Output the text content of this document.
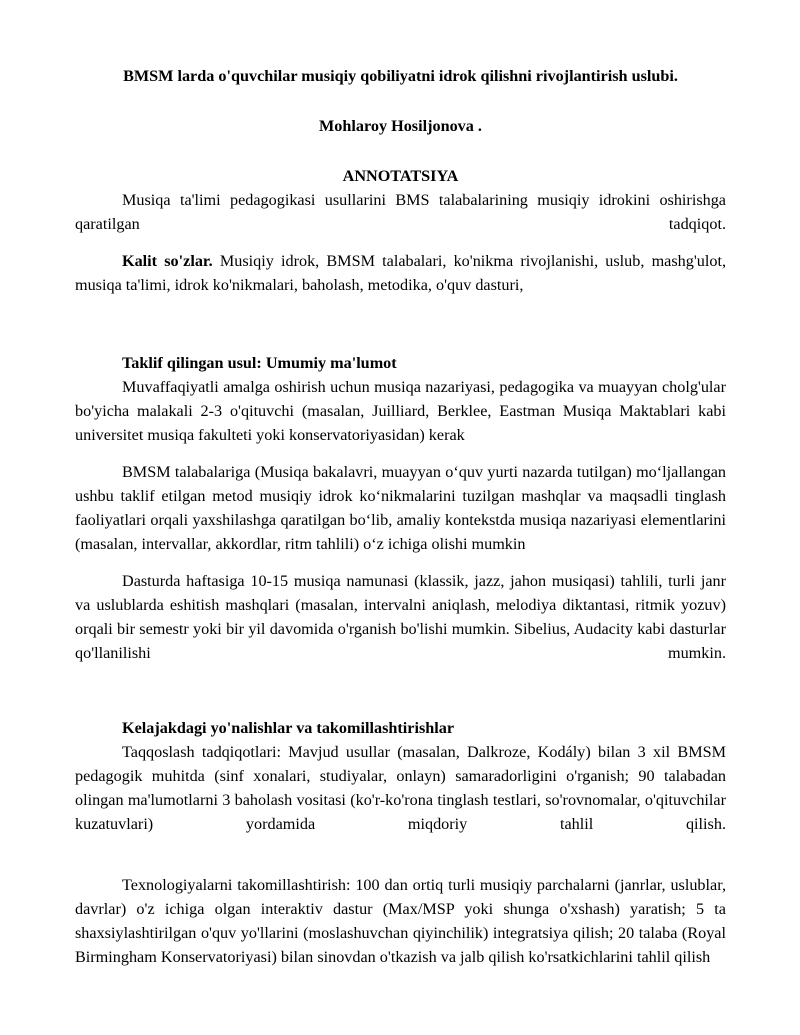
BMSM larda o'quvchilar musiqiy qobiliyatni idrok qilishni rivojlantirish uslubi.

Mohlaroy Hosiljonova .

ANNOTATSIYA

Musiqa ta'limi pedagogikasi usullarini BMS talabalarining musiqiy idrokini oshirishga qaratilgan tadqiqot.

Kalit so'zlar. Musiqiy idrok, BMSM talabalari, ko'nikma rivojlanishi, uslub, mashg'ulot, musiqa ta'limi, idrok ko'nikmalari, baholash, metodika, o'quv dasturi,

Taklif qilingan usul: Umumiy ma'lumot

Muvaffaqiyatli amalga oshirish uchun musiqa nazariyasi, pedagogika va muayyan cholg'ular bo'yicha malakali 2-3 o'qituvchi (masalan, Juilliard, Berklee, Eastman Musiqa Maktablari kabi universitet musiqa fakulteti yoki konservatoriyasidan) kerak

BMSM talabalariga (Musiqa bakalavri, muayyan o‘quv yurti nazarda tutilgan) mo‘ljallangan ushbu taklif etilgan metod musiqiy idrok ko‘nikmalarini tuzilgan mashqlar va maqsadli tinglash faoliyatlari orqali yaxshilashga qaratilgan bo‘lib, amaliy kontekstda musiqa nazariyasi elementlarini (masalan, intervallar, akkordlar, ritm tahlili) o‘z ichiga olishi mumkin

Dasturda haftasiga 10-15 musiqa namunasi (klassik, jazz, jahon musiqasi) tahlili, turli janr va uslublarda eshitish mashqlari (masalan, intervalni aniqlash, melodiya diktantasi, ritmik yozuv) orqali bir semestr yoki bir yil davomida o'rganish bo'lishi mumkin. Sibelius, Audacity kabi dasturlar qo'llanilishi mumkin.

Kelajakdagi yo'nalishlar va takomillashtirishlar

Taqqoslash tadqiqotlari: Mavjud usullar (masalan, Dalkroze, Kodály) bilan 3 xil BMSM pedagogik muhitda (sinf xonalari, studiyalar, onlayn) samaradorligini o'rganish; 90 talabadan olingan ma'lumotlarni 3 baholash vositasi (ko'r-ko'rona tinglash testlari, so'rovnomalar, o'qituvchilar kuzatuvlari) yordamida miqdoriy tahlil qilish.

Texnologiyalarni takomillashtirish: 100 dan ortiq turli musiqiy parchalarni (janrlar, uslublar, davrlar) o'z ichiga olgan interaktiv dastur (Max/MSP yoki shunga o'xshash) yaratish; 5 ta shaxsiylashtirilgan o'quv yo'llarini (moslashuvchan qiyinchilik) integratsiya qilish; 20 talaba (Royal Birmingham Konservatoriyasi) bilan sinovdan o'tkazish va jalb qilish ko'rsatkichlarini tahlil qilish
